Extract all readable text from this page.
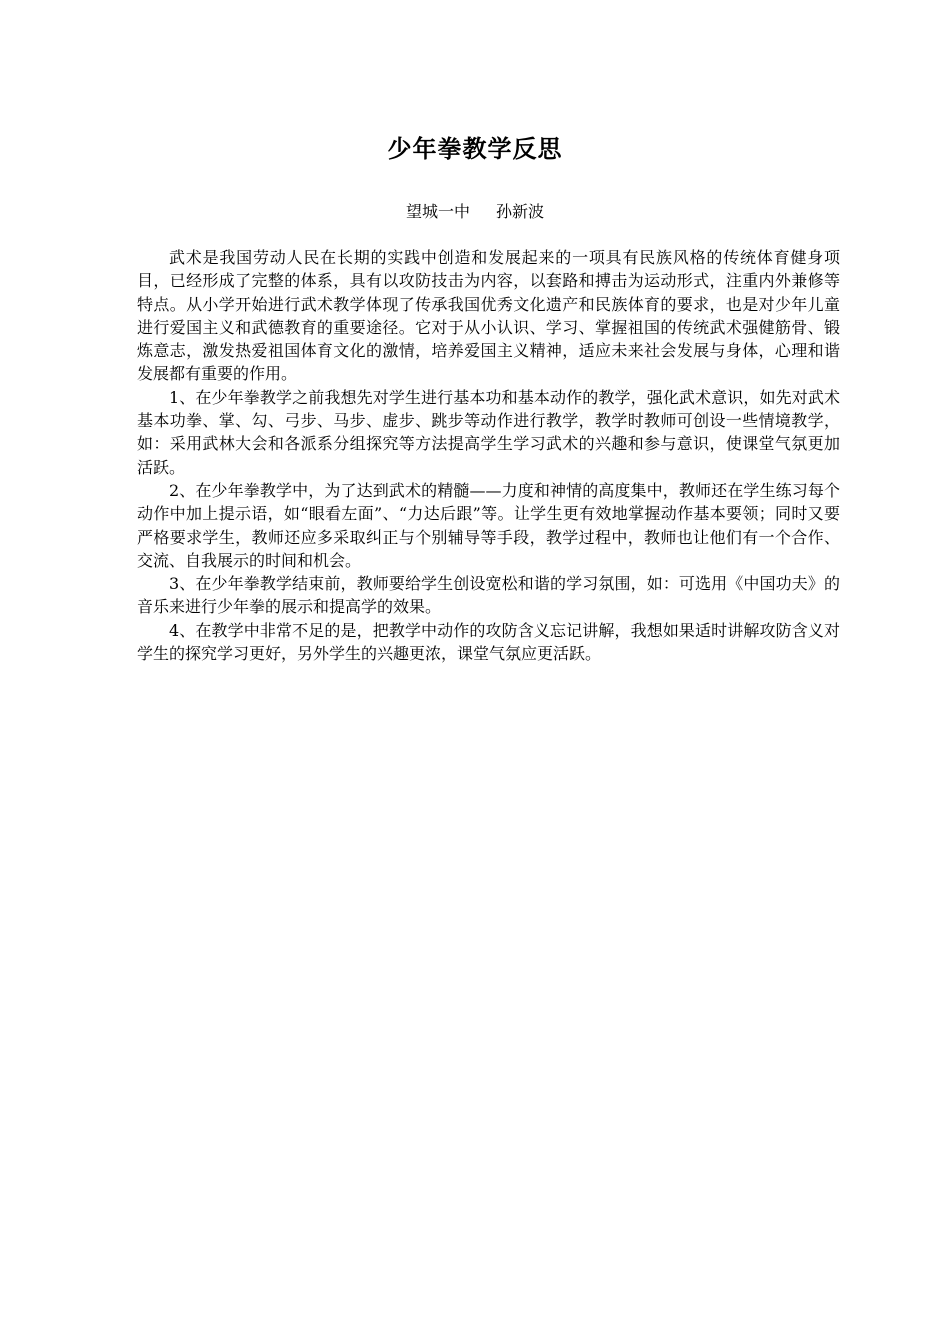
少年拳教学反思
望城一中 孙新波

武术是我国劳动人民在长期的实践中创造和发展起来的一项具有民族风格的传统体育健身项目，已经形成了完整的体系，具有以攻防技击为内容，以套路和搏击为运动形式，注重内外兼修等特点。从小学开始进行武术教学体现了传承我国优秀文化遗产和民族体育的要求，也是对少年儿童进行爱国主义和武德教育的重要途径。它对于从小认识、学习、掌握祖国的传统武术强健筋骨、锻炼意志，激发热爱祖国体育文化的激情，培养爱国主义精神，适应未来社会发展与身体，心理和谐发展都有重要的作用。

1、在少年拳教学之前我想先对学生进行基本功和基本动作的教学，强化武术意识，如先对武术基本功拳、掌、勾、弓步、马步、虚步、跳步等动作进行教学，教学时教师可创设一些情境教学，如：采用武林大会和各派系分组探究等方法提高学生学习武术的兴趣和参与意识，使课堂气氛更加活跃。

2、在少年拳教学中，为了达到武术的精髓——力度和神情的高度集中，教师还在学生练习每个动作中加上提示语，如“眼看左面”、“力达后跟”等。让学生更有效地掌握动作基本要领；同时又要严格要求学生，教师还应多采取纠正与个别辅导等手段，教学过程中，教师也让他们有一个合作、交流、自我展示的时间和机会。

3、在少年拳教学结束前，教师要给学生创设宽松和谐的学习氛围，如：可选用《中国功夫》的音乐来进行少年拳的展示和提高学的效果。

4、在教学中非常不足的是，把教学中动作的攻防含义忘记讲解，我想如果适时讲解攻防含义对学生的探究学习更好，另外学生的兴趣更浓，课堂气氛应更活跃。
